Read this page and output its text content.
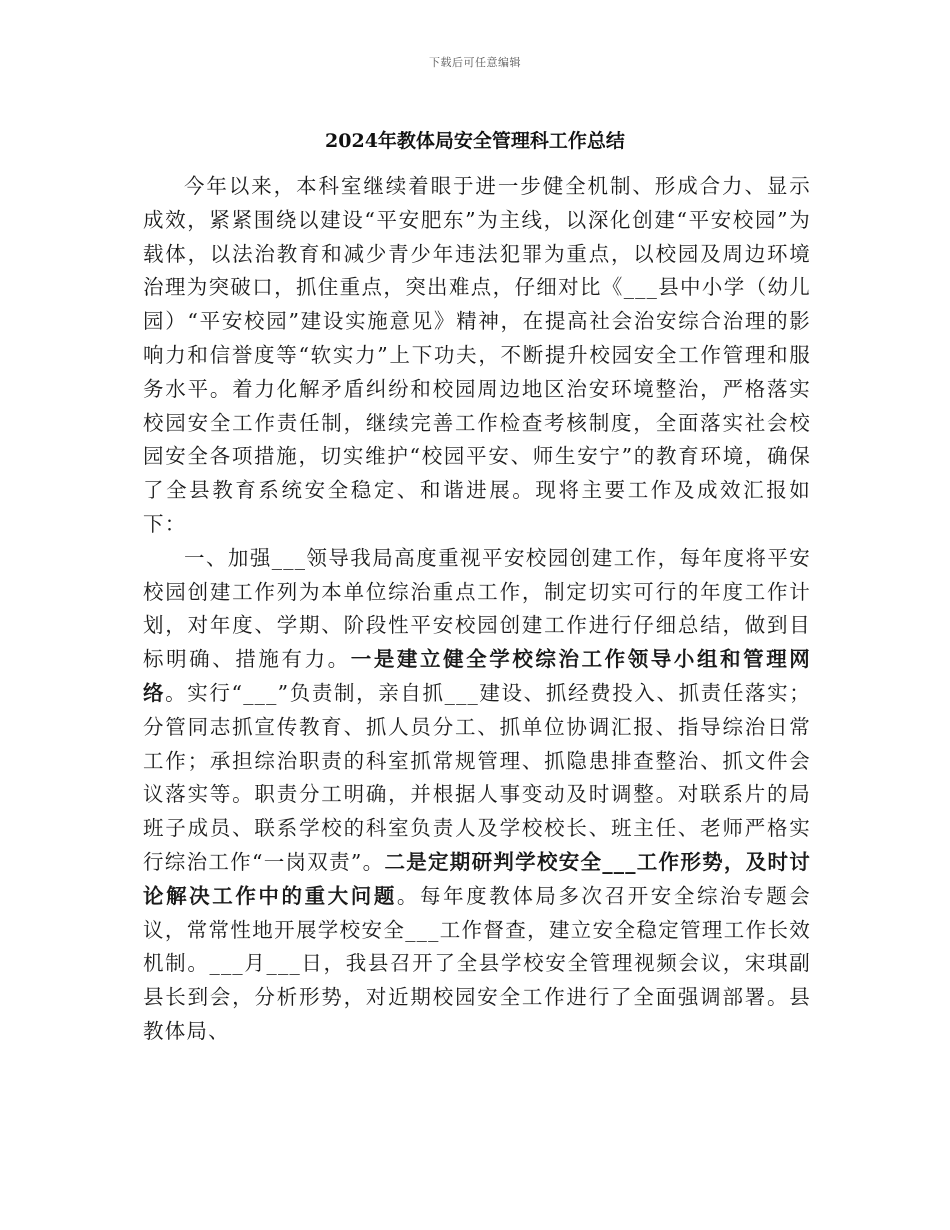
下载后可任意编辑
2024年教体局安全管理科工作总结

今年以来，本科室继续着眼于进一步健全机制、形成合力、显示成效，紧紧围绕以建设“平安肥东”为主线，以深化创建“平安校园”为载体，以法治教育和减少青少年违法犯罪为重点，以校园及周边环境治理为突破口，抓住重点，突出难点，仔细对比《___县中小学（幼儿园）“平安校园”建设实施意见》精神，在提高社会治安综合治理的影响力和信誉度等“软实力”上下功夫，不断提升校园安全工作管理和服务水平。着力化解矛盾纠纷和校园周边地区治安环境整治，严格落实校园安全工作责任制，继续完善工作检查考核制度，全面落实社会校园安全各项措施，切实维护“校园平安、师生安宁”的教育环境，确保了全县教育系统安全稳定、和谐进展。现将主要工作及成效汇报如下：

一、加强___领导我局高度重视平安校园创建工作，每年度将平安校园创建工作列为本单位综治重点工作，制定切实可行的年度工作计划，对年度、学期、阶段性平安校园创建工作进行仔细总结，做到目标明确、措施有力。一是建立健全学校综治工作领导小组和管理网络。实行“___”负责制，亲自抓___建设、抓经费投入、抓责任落实；分管同志抓宣传教育、抓人员分工、抓单位协调汇报、指导综治日常工作；承担综治职责的科室抓常规管理、抓隐患排查整治、抓文件会议落实等。职责分工明确，并根据人事变动及时调整。对联系片的局班子成员、联系学校的科室负责人及学校校长、班主任、老师严格实行综治工作“一岗双责”。二是定期研判学校安全___工作形势，及时讨论解决工作中的重大问题。每年度教体局多次召开安全综治专题会议，常常性地开展学校安全___工作督查，建立安全稳定管理工作长效机制。___月___日，我县召开了全县学校安全管理视频会议，宋琪副县长到会，分析形势，对近期校园安全工作进行了全面强调部署。县教体局、
